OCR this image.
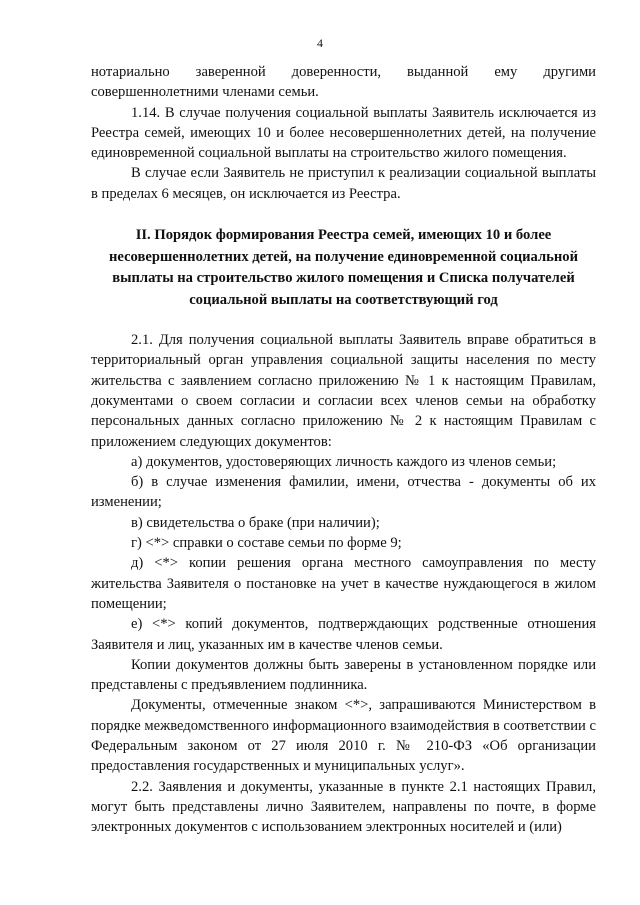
4

нотариально заверенной доверенности, выданной ему другими совершеннолетними членами семьи.

1.14. В случае получения социальной выплаты Заявитель исключается из Реестра семей, имеющих 10 и более несовершеннолетних детей, на получение единовременной социальной выплаты на строительство жилого помещения.

В случае если Заявитель не приступил к реализации социальной выплаты в пределах 6 месяцев, он исключается из Реестра.

II. Порядок формирования Реестра семей, имеющих 10 и более
несовершеннолетних детей, на получение единовременной социальной
выплаты на строительство жилого помещения и Списка получателей
социальной выплаты на соответствующий год

2.1. Для получения социальной выплаты Заявитель вправе обратиться в территориальный орган управления социальной защиты населения по месту жительства с заявлением согласно приложению № 1 к настоящим Правилам, документами о своем согласии и согласии всех членов семьи на обработку персональных данных согласно приложению № 2 к настоящим Правилам с приложением следующих документов:

а) документов, удостоверяющих личность каждого из членов семьи;

б) в случае изменения фамилии, имени, отчества - документы об их изменении;

в) свидетельства о браке (при наличии);

г) <*> справки о составе семьи по форме 9;

д) <*> копии решения органа местного самоуправления по месту жительства Заявителя о постановке на учет в качестве нуждающегося в жилом помещении;

е) <*> копий документов, подтверждающих родственные отношения Заявителя и лиц, указанных им в качестве членов семьи.

Копии документов должны быть заверены в установленном порядке или представлены с предъявлением подлинника.

Документы, отмеченные знаком <*>, запрашиваются Министерством в порядке межведомственного информационного взаимодействия в соответствии с Федеральным законом от 27 июля 2010 г. № 210-ФЗ «Об организации предоставления государственных и муниципальных услуг».

2.2. Заявления и документы, указанные в пункте 2.1 настоящих Правил, могут быть представлены лично Заявителем, направлены по почте, в форме электронных документов с использованием электронных носителей и (или)
